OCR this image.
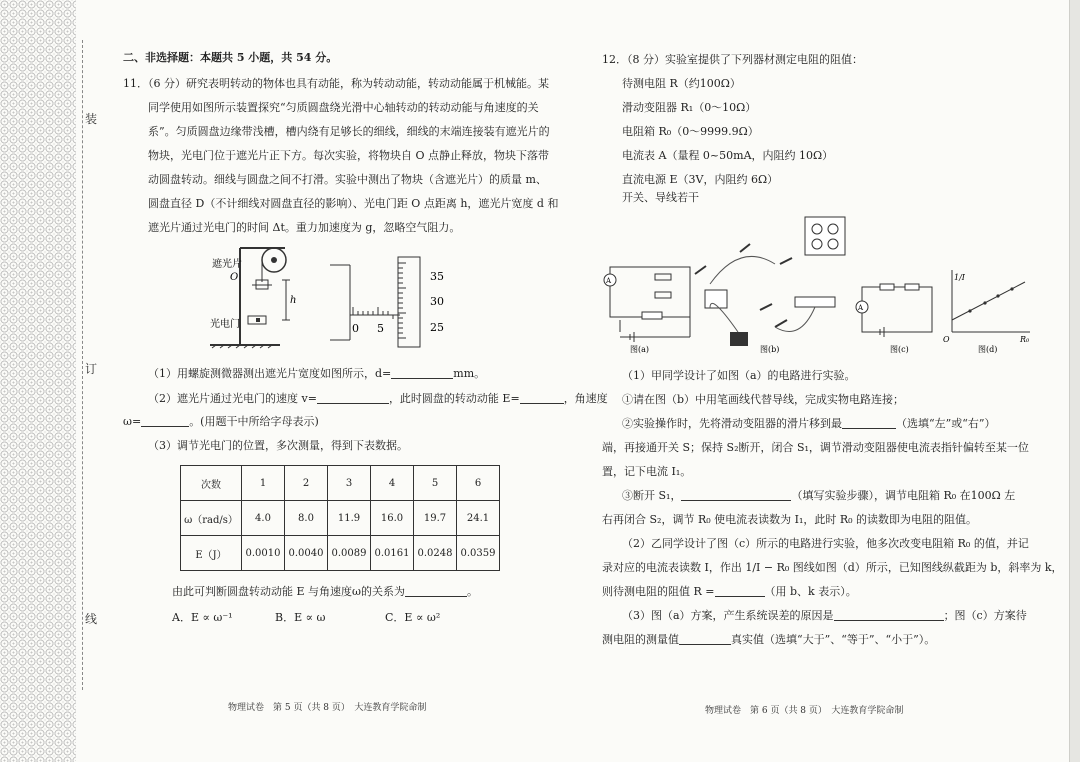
装
订
线
二、非选择题：本题共 5 小题，共 54 分。
11．（6 分）研究表明转动的物体也具有动能，称为转动动能，转动动能属于机械能。某
同学使用如图所示装置探究“匀质圆盘绕光滑中心轴转动的转动动能与角速度的关
系”。匀质圆盘边缘带浅槽，槽内绕有足够长的细线，细线的末端连接装有遮光片的
物块，光电门位于遮光片正下方。每次实验，将物块自 O 点静止释放，物块下落带
动圆盘转动。细线与圆盘之间不打滑。实验中测出了物块（含遮光片）的质量 m、
圆盘直径 D（不计细线对圆盘直径的影响）、光电门距 O 点距离 h，遮光片宽度 d 和
遮光片通过光电门的时间 Δt。重力加速度为 g，忽略空气阻力。
遮光片
O
h
光电门	0 5
35
30
25
（1）用螺旋测微器测出遮光片宽度如图所示，d=	mm。
（2）遮光片通过光电门的速度 v=	，此时圆盘的转动动能 E=	，角速度
ω=	。(用题干中所给字母表示)
（3）调节光电门的位置，多次测量，得到下表数据。
次数	1	2	3	4	5	6
ω（rad/s）	4.0	8.0	11.9	16.0	19.7	24.1
E（J）	0.0010	0.0040	0.0089	0.0161	0.0248	0.0359
由此可判断圆盘转动动能 E 与角速度ω的关系为	。
A．E ∝ ω⁻¹	B．E ∝ ω	C．E ∝ ω²
物理试卷　第 5 页（共 8 页）　大连教育学院命制
12．（8 分）实验室提供了下列器材测定电阻的阻值：
待测电阻 R（约100Ω）
滑动变阻器 R₁（0～10Ω）
电阻箱 R₀（0～9999.9Ω）
电流表 A（量程 0~50mA，内阻约 10Ω）
直流电源 E（3V，内阻约 6Ω）
开关、导线若干
A
图(a)	图(b)
A
图(c)
1/I
R₀
O
图(d)
（1）甲同学设计了如图（a）的电路进行实验。
①请在图（b）中用笔画线代替导线，完成实物电路连接；
②实验操作时，先将滑动变阻器的滑片移到最	（选填“左”或“右”）
端，再接通开关 S；保持 S₂断开，闭合 S₁，调节滑动变阻器使电流表指针偏转至某一位
置，记下电流 I₁。
③断开 S₁，	（填写实验步骤），调节电阻箱 R₀ 在100Ω 左
右再闭合 S₂，调节 R₀ 使电流表读数为 I₁，此时 R₀ 的读数即为电阻的阻值。
（2）乙同学设计了图（c）所示的电路进行实验，他多次改变电阻箱 R₀ 的值，并记
录对应的电流表读数 I，作出 1/I − R₀ 图线如图（d）所示，已知图线纵截距为 b，斜率为 k，
则待测电阻的阻值 R =	（用 b、k 表示）。
（3）图（a）方案，产生系统误差的原因是	；图（c）方案待
测电阻的测量值	真实值（选填“大于”、“等于”、“小于”）。
物理试卷　第 6 页（共 8 页）　大连教育学院命制
